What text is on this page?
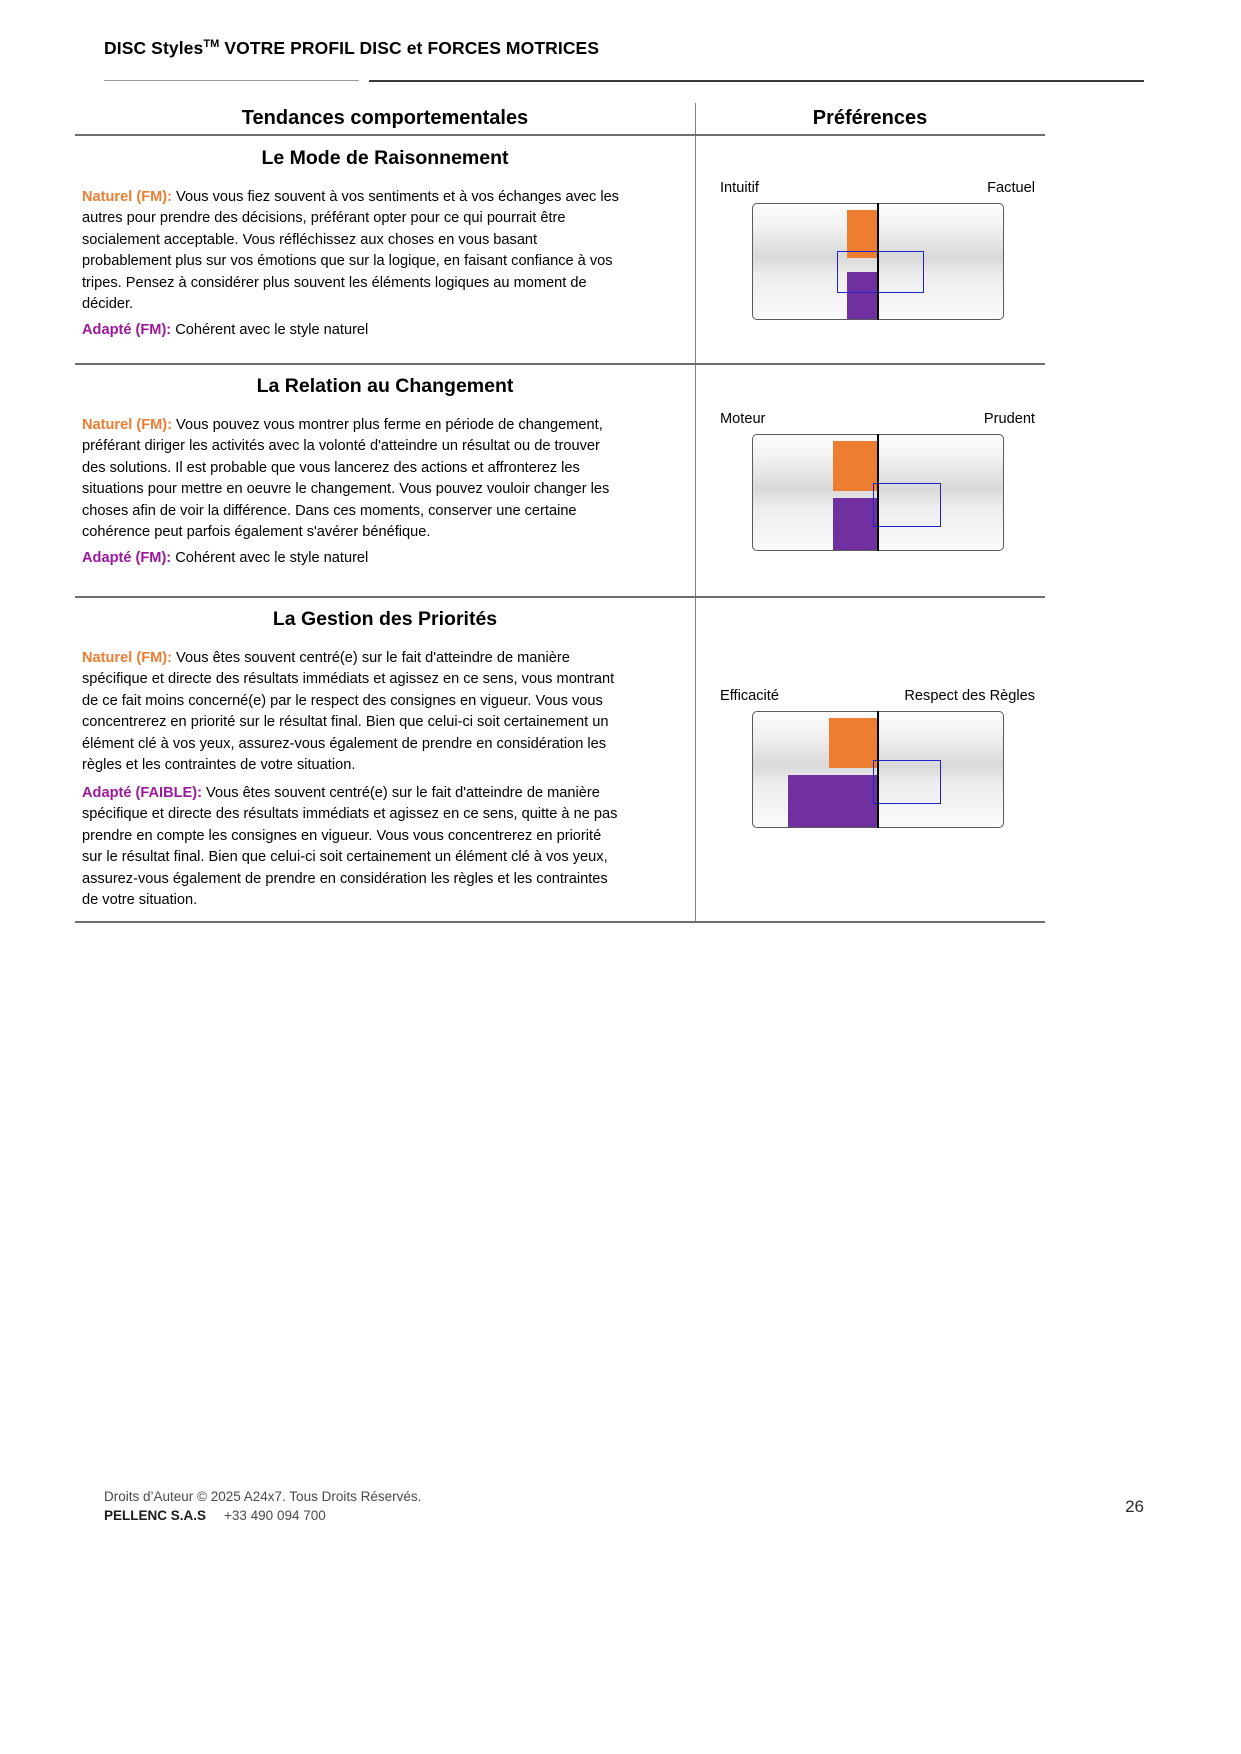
DISC Styles™ VOTRE PROFIL DISC et FORCES MOTRICES
Tendances comportementales	Préférences
Le Mode de Raisonnement
Naturel (FM): Vous vous fiez souvent à vos sentiments et à vos échanges avec les autres pour prendre des décisions, préférant opter pour ce qui pourrait être socialement acceptable. Vous réfléchissez aux choses en vous basant probablement plus sur vos émotions que sur la logique, en faisant confiance à vos tripes. Pensez à considérer plus souvent les éléments logiques au moment de décider.
Adapté (FM): Cohérent avec le style naturel
Intuitif	Factuel
La Relation au Changement
Naturel (FM): Vous pouvez vous montrer plus ferme en période de changement, préférant diriger les activités avec la volonté d'atteindre un résultat ou de trouver des solutions. Il est probable que vous lancerez des actions et affronterez les situations pour mettre en oeuvre le changement. Vous pouvez vouloir changer les choses afin de voir la différence. Dans ces moments, conserver une certaine cohérence peut parfois également s'avérer bénéfique.
Adapté (FM): Cohérent avec le style naturel
Moteur	Prudent
La Gestion des Priorités
Naturel (FM): Vous êtes souvent centré(e) sur le fait d'atteindre de manière spécifique et directe des résultats immédiats et agissez en ce sens, vous montrant de ce fait moins concerné(e) par le respect des consignes en vigueur. Vous vous concentrerez en priorité sur le résultat final. Bien que celui-ci soit certainement un élément clé à vos yeux, assurez-vous également de prendre en considération les règles et les contraintes de votre situation.
Adapté (FAIBLE): Vous êtes souvent centré(e) sur le fait d'atteindre de manière spécifique et directe des résultats immédiats et agissez en ce sens, quitte à ne pas prendre en compte les consignes en vigueur. Vous vous concentrerez en priorité sur le résultat final. Bien que celui-ci soit certainement un élément clé à vos yeux, assurez-vous également de prendre en considération les règles et les contraintes de votre situation.
Efficacité	Respect des Règles
Droits d’Auteur © 2025 A24x7. Tous Droits Réservés.
PELLENC S.A.S +33 490 094 700	26
